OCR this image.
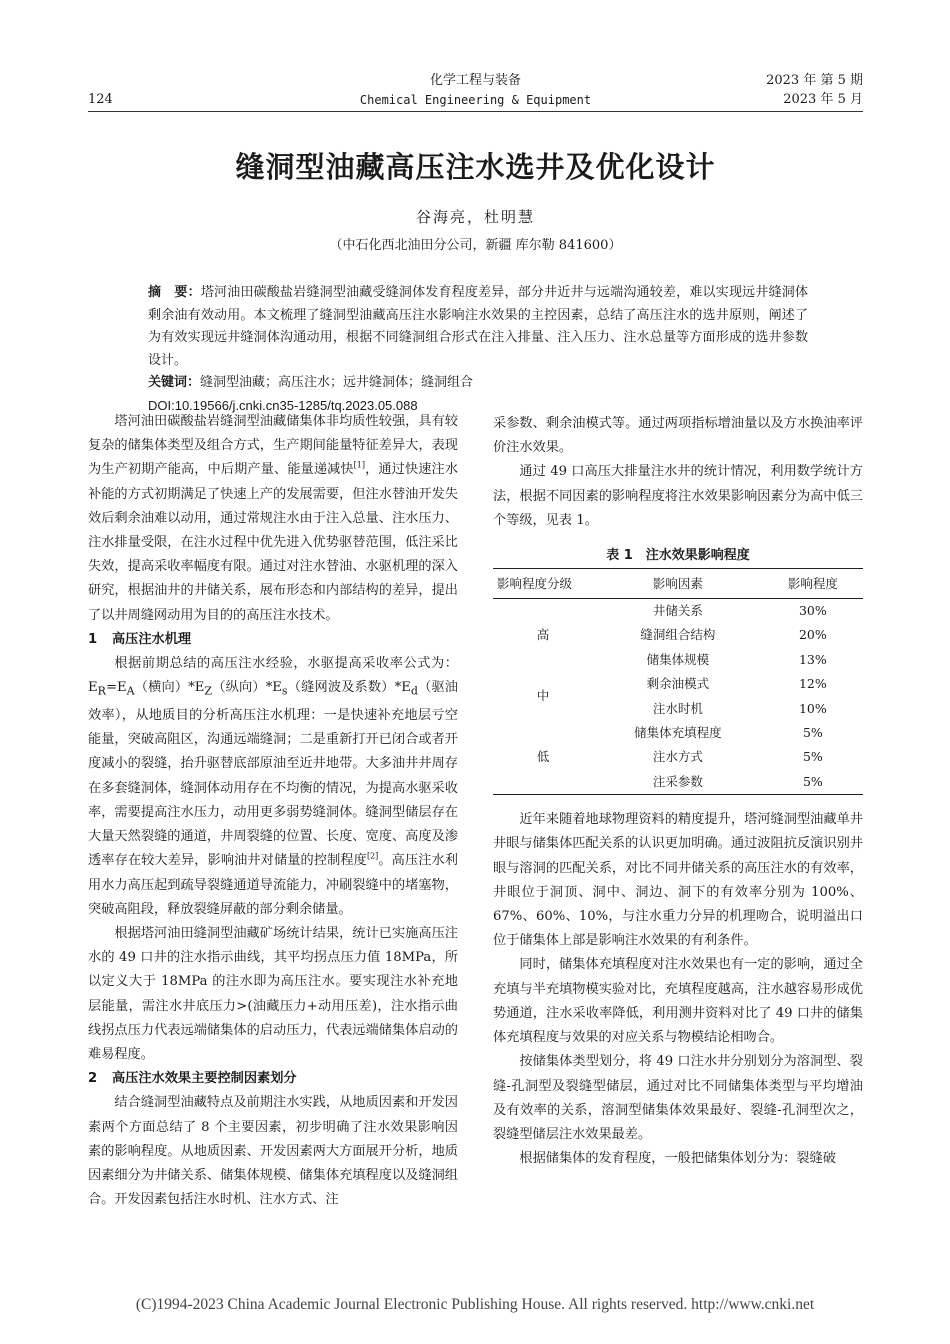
124
化学工程与装备
Chemical Engineering & Equipment
2023 年 第 5 期
2023 年 5 月
缝洞型油藏高压注水选井及优化设计
谷海亮，杜明慧
（中石化西北油田分公司，新疆 库尔勒 841600）

摘　要：塔河油田碳酸盐岩缝洞型油藏受缝洞体发育程度差异，部分井近井与远端沟通较差，难以实现远井缝洞体剩余油有效动用。本文梳理了缝洞型油藏高压注水影响注水效果的主控因素，总结了高压注水的选井原则，阐述了为有效实现远井缝洞体沟通动用，根据不同缝洞组合形式在注入排量、注入压力、注水总量等方面形成的选井参数设计。

关键词：缝洞型油藏；高压注水；远井缝洞体；缝洞组合

DOI:10.19566/j.cnki.cn35-1285/tq.2023.05.088

塔河油田碳酸盐岩缝洞型油藏储集体非均质性较强，具有较复杂的储集体类型及组合方式，生产期间能量特征差异大，表现为生产初期产能高，中后期产量、能量递减快[1]，通过快速注水补能的方式初期满足了快速上产的发展需要，但注水替油开发失效后剩余油难以动用，通过常规注水由于注入总量、注水压力、注水排量受限，在注水过程中优先进入优势驱替范围，低注采比失效，提高采收率幅度有限。通过对注水替油、水驱机理的深入研究，根据油井的井储关系，展布形态和内部结构的差异，提出了以井周缝网动用为目的的高压注水技术。

1 高压注水机理

根据前期总结的高压注水经验，水驱提高采收率公式为：$E_R=E_A$（横向）$*E_Z$（纵向）$*E_s$（缝网波及系数）$*E_d$（驱油效率），从地质目的分析高压注水机理：一是快速补充地层亏空能量，突破高阻区，沟通远端缝洞；二是重新打开已闭合或者开度减小的裂缝，抬升驱替底部原油至近井地带。大多油井井周存在多套缝洞体，缝洞体动用存在不均衡的情况，为提高水驱采收率，需要提高注水压力，动用更多弱势缝洞体。缝洞型储层存在大量天然裂缝的通道，井周裂缝的位置、长度、宽度、高度及渗透率存在较大差异，影响油井对储量的控制程度[2]。高压注水利用水力高压起到疏导裂缝通道导流能力，冲刷裂缝中的堵塞物，突破高阻段，释放裂缝屏蔽的部分剩余储量。

根据塔河油田缝洞型油藏矿场统计结果，统计已实施高压注水的 49 口井的注水指示曲线，其平均拐点压力值 18MPa，所以定义大于 18MPa 的注水即为高压注水。要实现注水补充地层能量，需注水井底压力>(油藏压力+动用压差)，注水指示曲线拐点压力代表远端储集体的启动压力，代表远端储集体启动的难易程度。

2 高压注水效果主要控制因素划分

结合缝洞型油藏特点及前期注水实践，从地质因素和开发因素两个方面总结了 8 个主要因素，初步明确了注水效果影响因素的影响程度。从地质因素、开发因素两大方面展开分析，地质因素细分为井储关系、储集体规模、储集体充填程度以及缝洞组合。开发因素包括注水时机、注水方式、注

采参数、剩余油模式等。通过两项指标增油量以及方水换油率评价注水效果。

通过 49 口高压大排量注水井的统计情况，利用数学统计方法，根据不同因素的影响程度将注水效果影响因素分为高中低三个等级，见表 1。

表 1　注水效果影响程度
影响程度分级	影响因素	影响程度
高	井储关系	30%
	缝洞组合结构	20%
	储集体规模	13%
中	剩余油模式	12%
	注水时机	10%
低	储集体充填程度	5%
	注水方式	5%
	注采参数	5%

近年来随着地球物理资料的精度提升，塔河缝洞型油藏单井井眼与储集体匹配关系的认识更加明确。通过波阻抗反演识别井眼与溶洞的匹配关系，对比不同井储关系的高压注水的有效率，井眼位于洞顶、洞中、洞边、洞下的有效率分别为 100%、67%、60%、10%，与注水重力分异的机理吻合，说明溢出口位于储集体上部是影响注水效果的有利条件。

同时，储集体充填程度对注水效果也有一定的影响，通过全充填与半充填物模实验对比，充填程度越高，注水越容易形成优势通道，注水采收率降低，利用测井资料对比了 49 口井的储集体充填程度与效果的对应关系与物模结论相吻合。

按储集体类型划分，将 49 口注水井分别划分为溶洞型、裂缝-孔洞型及裂缝型储层，通过对比不同储集体类型与平均增油及有效率的关系，溶洞型储集体效果最好、裂缝-孔洞型次之，裂缝型储层注水效果最差。

根据储集体的发育程度，一般把储集体划分为：裂缝破

(C)1994-2023 China Academic Journal Electronic Publishing House. All rights reserved. http://www.cnki.net
